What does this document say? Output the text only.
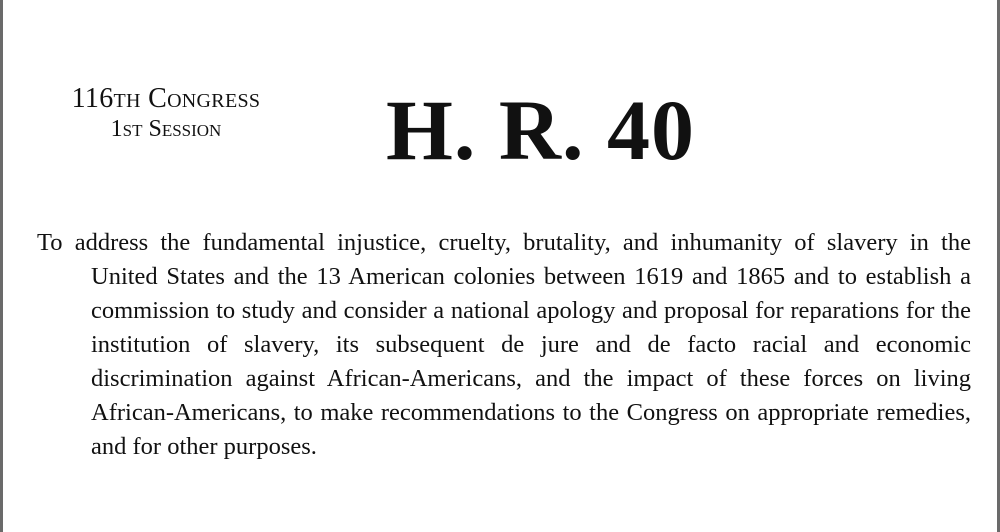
116th Congress
1st Session	H. R. 40
To address the fundamental injustice, cruelty, brutality, and inhumanity of slavery in the United States and the 13 American colonies between 1619 and 1865 and to establish a commission to study and consider a national apology and proposal for reparations for the institution of slavery, its subsequent de jure and de facto racial and economic discrimination against African-Americans, and the impact of these forces on living African-Americans, to make recommendations to the Congress on appropriate remedies, and for other purposes.
